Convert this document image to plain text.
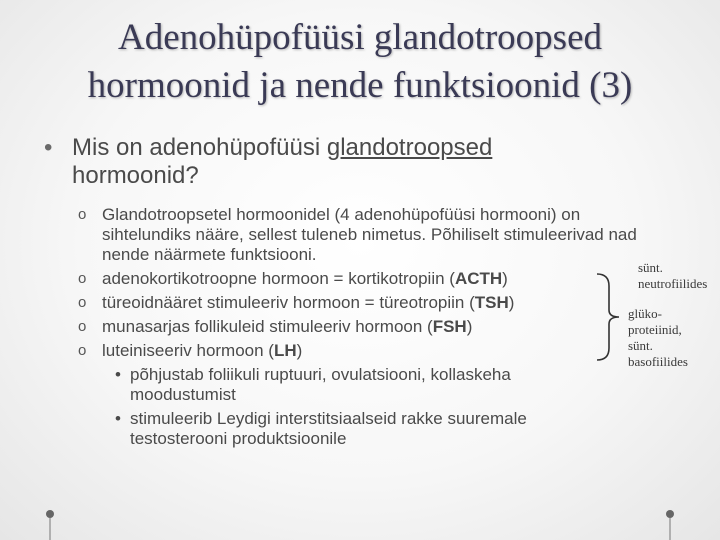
Adenohüpofüüsi glandotroopsed
hormoonid ja nende funktsioonid (3)
• Mis on adenohüpofüüsi glandotroopsed
hormoonid?
o Glandotroopsetel hormoonidel (4 adenohüpofüüsi hormooni) on sihtelundiks nääre, sellest tuleneb nimetus. Põhiliselt stimuleerivad nad nende näärmete funktsiooni.
o adenokortikotroopne hormoon = kortikotropiin (ACTH)
o türeoidnääret stimuleeriv hormoon = türeotropiin (TSH)
o munasarjas follikuleid stimuleeriv hormoon (FSH)
o luteiniseeriv hormoon (LH)
• põhjustab foliikuli ruptuuri, ovulatsiooni, kollaskeha moodustumist
• stimuleerib Leydigi interstitsiaalseid rakke suuremale testosterooni produktsioonile
sünt.
neutrofiilides
glüko-
proteiinid,
sünt.
basofiilides
